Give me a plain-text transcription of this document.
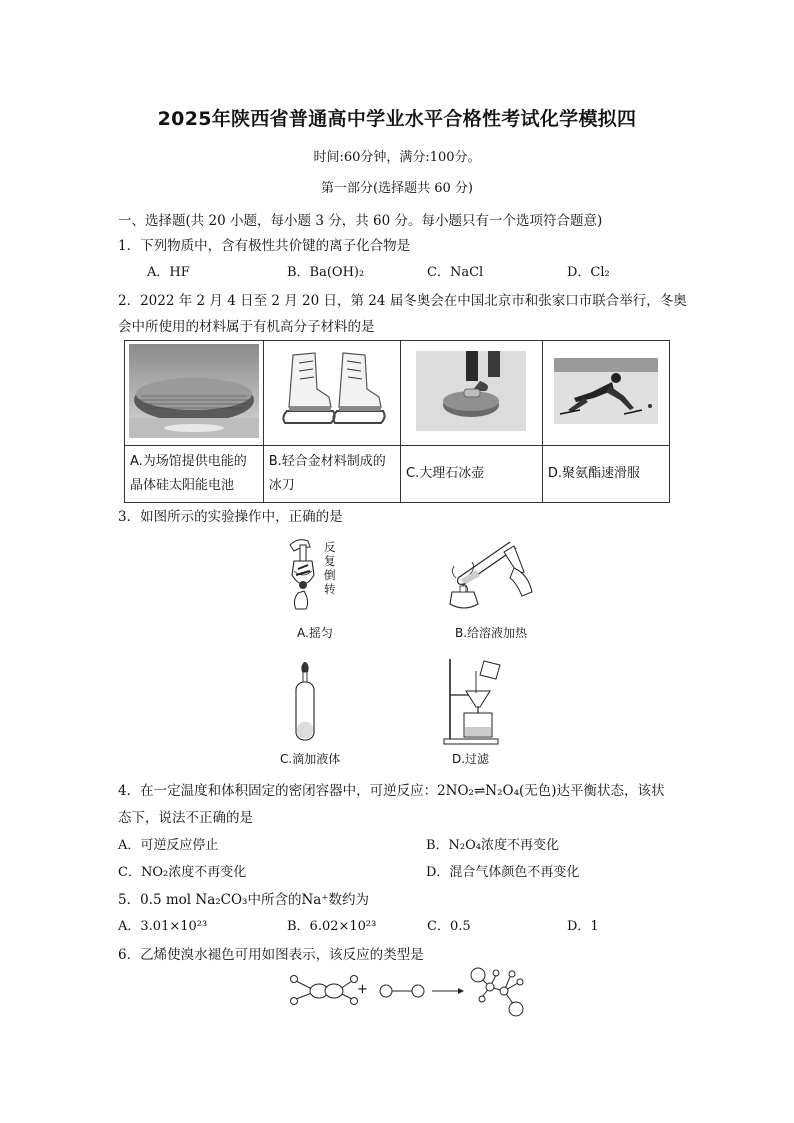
2025年陕西省普通高中学业水平合格性考试化学模拟四
时间:60分钟，满分:100分。
第一部分(选择题共 60 分)
一、选择题(共 20 小题，每小题 3 分，共 60 分。每小题只有一个选项符合题意)
1．下列物质中，含有极性共价键的离子化合物是
A．HF	B．Ba(OH)₂	C．NaCl	D．Cl₂
2．2022 年 2 月 4 日至 2 月 20 日，第 24 届冬奥会在中国北京市和张家口市联合举行，冬奥
会中所使用的材料属于有机高分子材料的是

A.为场馆提供电能的晶体硅太阳能电池	B.轻合金材料制成的冰刀	C.大理石冰壶	D.聚氨酯速滑服
3．如图所示的实验操作中，正确的是
反复倒转
A.摇匀	B.给溶液加热
C.滴加液体	D.过滤
4．在一定温度和体积固定的密闭容器中，可逆反应：2NO₂⇌N₂O₄(无色)达平衡状态，该状
态下，说法不正确的是
A．可逆反应停止	B．N₂O₄浓度不再变化
C．NO₂浓度不再变化	D．混合气体颜色不再变化
5．0.5 mol Na₂CO₃中所含的Na⁺数约为
A．3.01×10²³	B．6.02×10²³	C．0.5	D．1
6．乙烯使溴水褪色可用如图表示，该反应的类型是
+
